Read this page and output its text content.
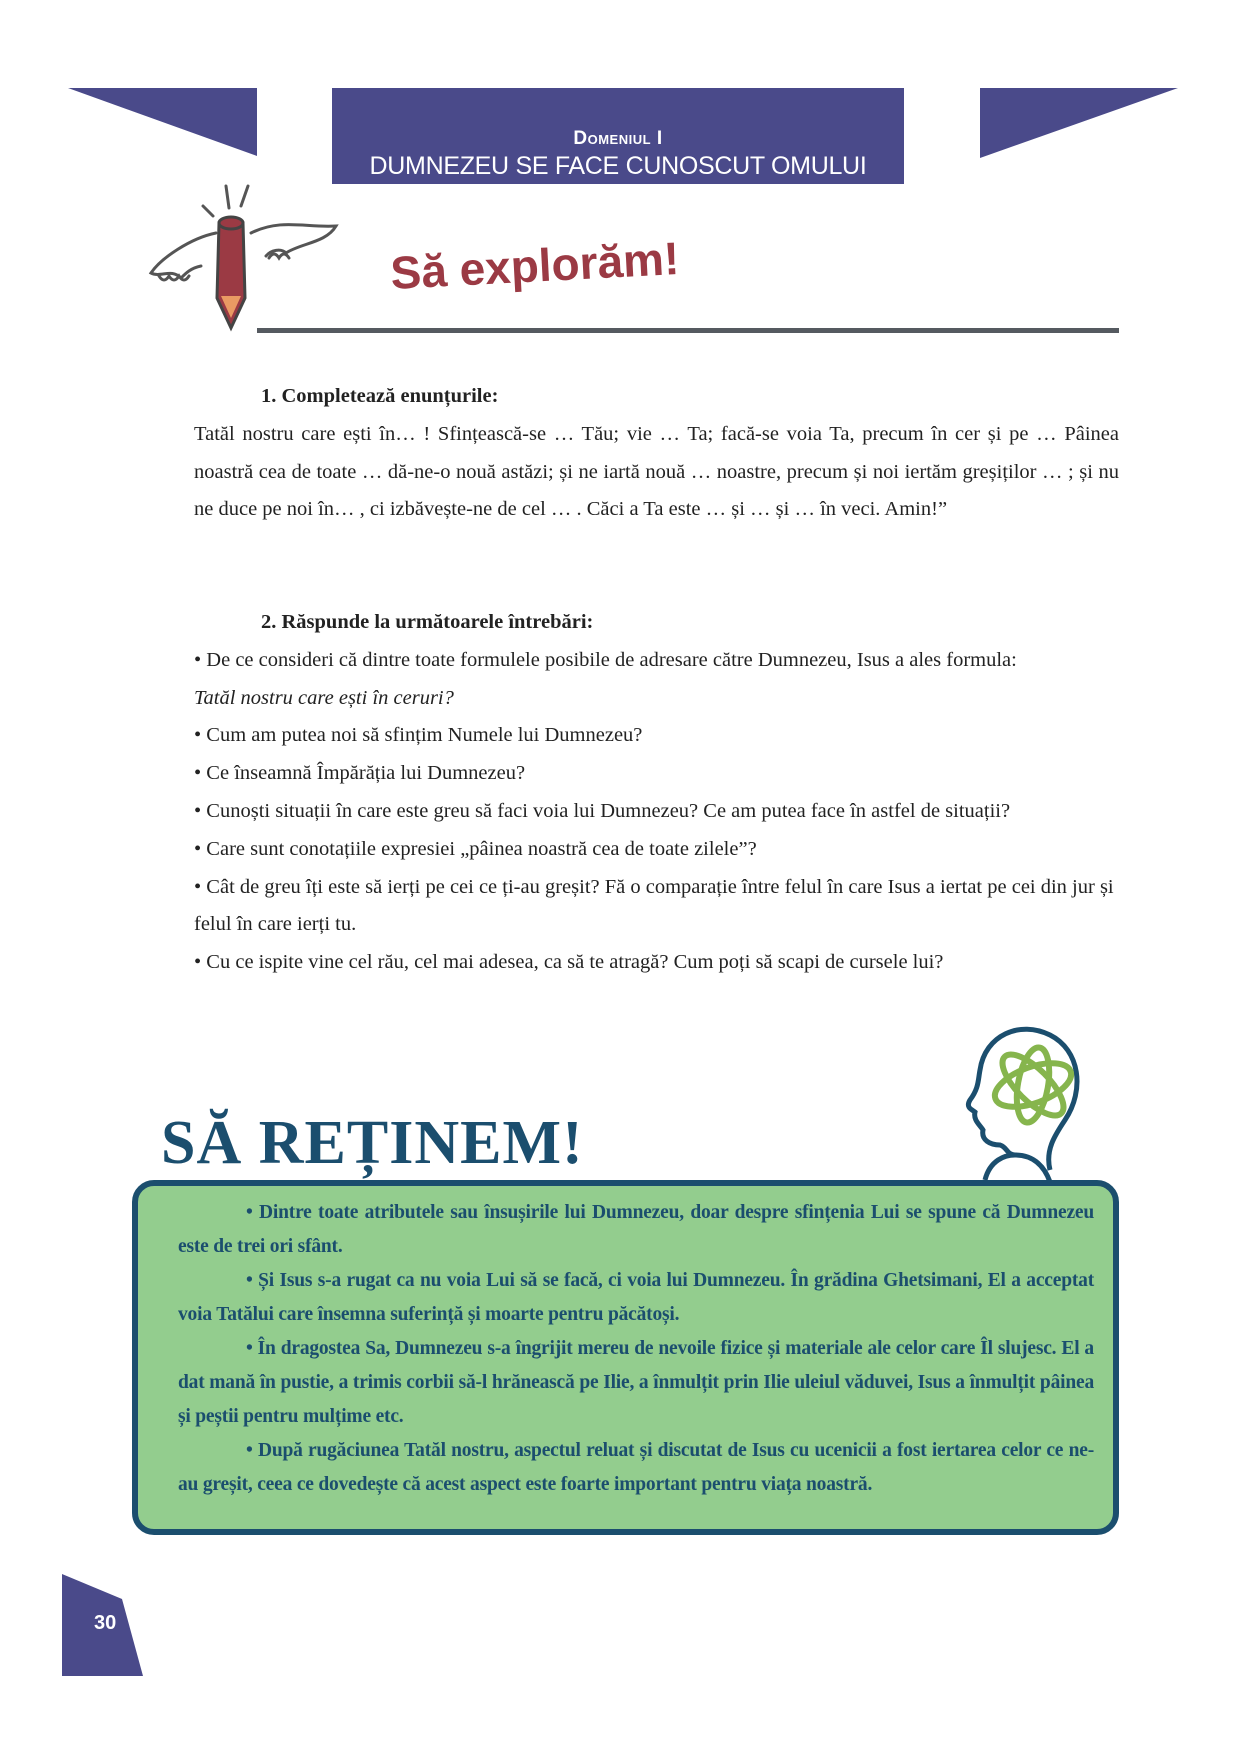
Domeniul I
DUMNEZEU SE FACE CUNOSCUT OMULUI
Să explorăm!
1. Completează enunțurile:
Tatăl nostru care ești în… ! Sfințească-se … Tău; vie … Ta; facă-se voia Ta, precum în cer și pe … Pâinea noastră cea de toate … dă-ne-o nouă astăzi; și ne iartă nouă … noastre, precum și noi iertăm greșiților … ; și nu ne duce pe noi în… , ci izbăvește-ne de cel … . Căci a Ta este … și … și … în veci. Amin!”
2. Răspunde la următoarele întrebări:
• De ce consideri că dintre toate formulele posibile de adresare către Dumnezeu, Isus a ales formula:
Tatăl nostru care ești în ceruri?
• Cum am putea noi să sfințim Numele lui Dumnezeu?
• Ce înseamnă Împărăția lui Dumnezeu?
• Cunoști situații în care este greu să faci voia lui Dumnezeu? Ce am putea face în astfel de situații?
• Care sunt conotațiile expresiei „pâinea noastră cea de toate zilele”?
• Cât de greu îți este să ierți pe cei ce ți-au greșit? Fă o comparație între felul în care Isus a iertat pe cei din jur și felul în care ierți tu.
• Cu ce ispite vine cel rău, cel mai adesea, ca să te atragă? Cum poți să scapi de cursele lui?
SĂ REȚINEM!

• Dintre toate atributele sau însușirile lui Dumnezeu, doar despre sfințenia Lui se spune că Dumnezeu este de trei ori sfânt.

• Și Isus s-a rugat ca nu voia Lui să se facă, ci voia lui Dumnezeu. În grădina Ghetsimani, El a acceptat voia Tatălui care însemna suferință și moarte pentru păcătoși.

• În dragostea Sa, Dumnezeu s-a îngrijit mereu de nevoile fizice și materiale ale celor care Îl slujesc. El a dat mană în pustie, a trimis corbii să-l hrănească pe Ilie, a înmulțit prin Ilie uleiul văduvei, Isus a înmulțit pâinea și peștii pentru mulțime etc.

• După rugăciunea Tatăl nostru, aspectul reluat și discutat de Isus cu ucenicii a fost iertarea celor ce ne-au greșit, ceea ce dovedește că acest aspect este foarte important pentru viața noastră.

30
